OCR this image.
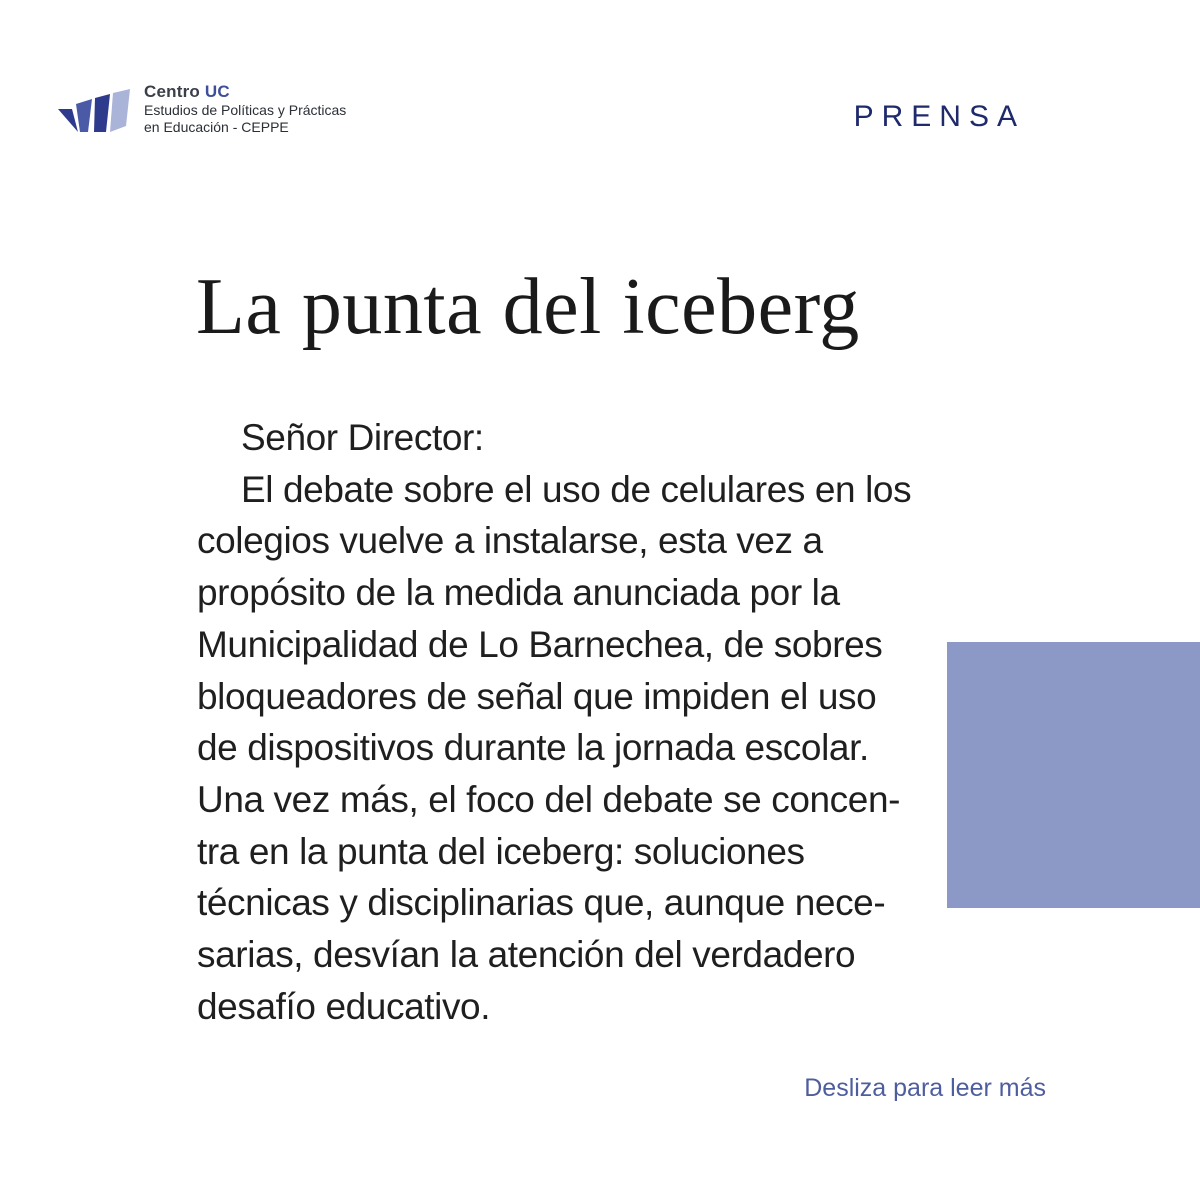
Centro UC
Estudios de Políticas y Prácticas
en Educación - CEPPE	PRENSA
La punta del iceberg
Señor Director:
El debate sobre el uso de celulares en los
colegios vuelve a instalarse, esta vez a
propósito de la medida anunciada por la
Municipalidad de Lo Barnechea, de sobres
bloqueadores de señal que impiden el uso
de dispositivos durante la jornada escolar.
Una vez más, el foco del debate se concen-
tra en la punta del iceberg: soluciones
técnicas y disciplinarias que, aunque nece-
sarias, desvían la atención del verdadero
desafío educativo.
Desliza para leer más
